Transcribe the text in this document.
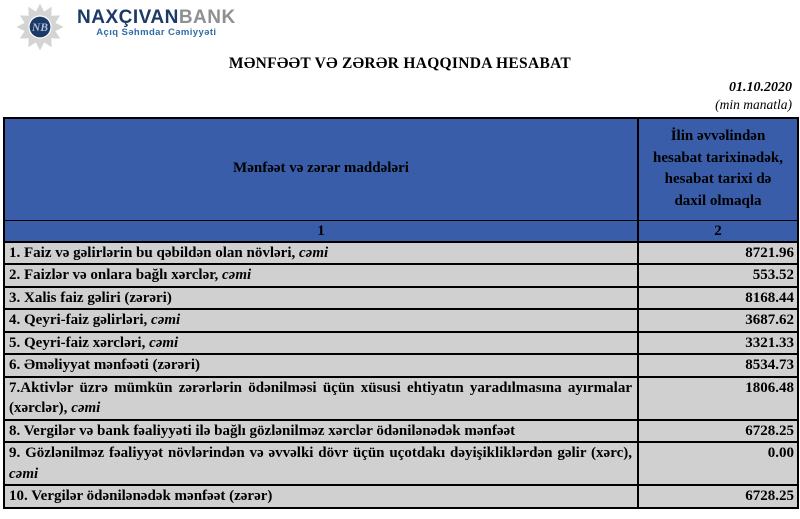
NB NAXÇIVANBANK
Açıq Səhmdar Cəmiyyəti
MƏNFƏƏT VƏ ZƏRƏR HAQQINDA HESABAT
01.10.2020
(min manatla)
Mənfəət və zərər maddələri	İlin əvvəlindən hesabat tarixinədək, hesabat tarixi də daxil olmaqla
1	2
1. Faiz və gəlirlərin bu qəbildən olan növləri, cəmi	8721.96
2. Faizlər və onlara bağlı xərclər, cəmi	553.52
3. Xalis faiz gəliri (zərəri)	8168.44
4. Qeyri-faiz gəlirləri, cəmi	3687.62
5. Qeyri-faiz xərcləri, cəmi	3321.33
6. Əməliyyat mənfəəti (zərəri)	8534.73
7.Aktivlər üzrə mümkün zərərlərin ödənilməsi üçün xüsusi ehtiyatın yaradılmasına ayırmalar (xərclər), cəmi	1806.48
8. Vergilər və bank fəaliyyəti ilə bağlı gözlənilməz xərclər ödənilənədək mənfəət	6728.25
9. Gözlənilməz fəaliyyət növlərindən və əvvəlki dövr üçün uçotdakı dəyişikliklərdən gəlir (xərc), cəmi	0.00
10. Vergilər ödənilənədək mənfəət (zərər)	6728.25
